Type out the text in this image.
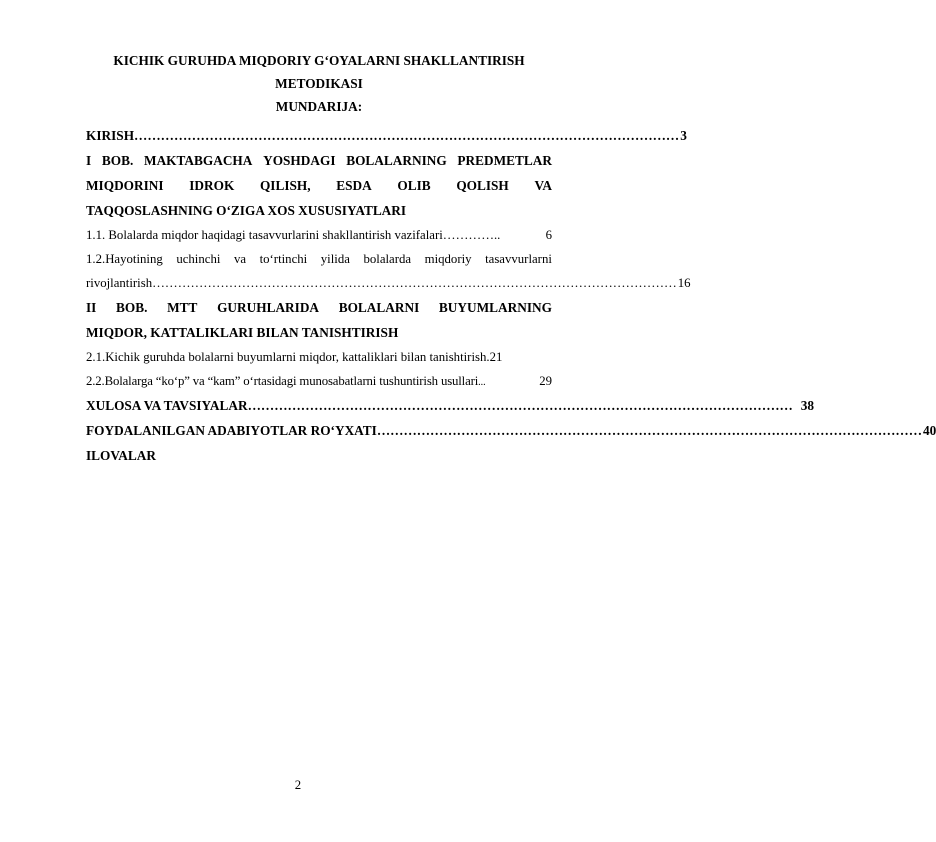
KICHIK GURUHDA MIQDORIY G‘OYALARNI SHAKLLANTIRISH
METODIKASI
MUNDARIJA:
KIRISH …………………………………………………………………………………………………………… 3
I BOB. MAKTABGACHA YOSHDAGI BOLALARNING PREDMETLAR
MIQDORINI IDROK QILISH, ESDA OLIB QOLISH VA
TAQQOSLASHNING O‘ZIGA XOS XUSUSIYATLARI
1.1. Bolalarda miqdor haqidagi tasavvurlarini shakllantirish vazifalari …………..	6
1.2.Hayotining uchinchi va to‘rtinchi yilida bolalarda miqdoriy tasavvurlarni
rivojlantirish …………………………………………………………………………………………………………… 16
II BOB. MTT GURUHLARIDA BOLALARNI BUYUMLARNING
MIQDOR, KATTALIKLARI BILAN TANISHTIRISH
2.1.Kichik guruhda bolalarni buyumlarni miqdor, kattaliklari bilan tanishtirish. 21
2.2.Bolalarga “ko‘p” va “kam” o‘rtasidagi munosabatlarni tushuntirish usullari ...	29
XULOSA VA TAVSIYALAR …………………………………………………………………………………………………………… 38
FOYDALANILGAN ADABIYOTLAR RO‘YXATI …………………………………………………………………………………………………………… 40
ILOVALAR
2
